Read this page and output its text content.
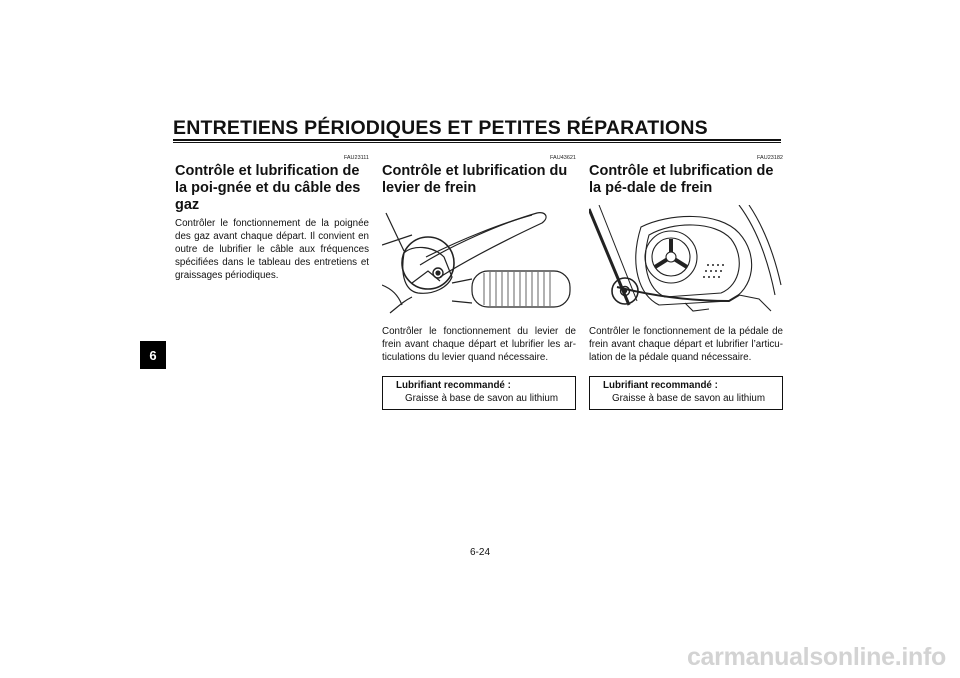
ENTRETIENS PÉRIODIQUES ET PETITES RÉPARATIONS
6
FAU23111
Contrôle et lubrification de la poi-gnée et du câble des gaz
Contrôler le fonctionnement de la poignée des gaz avant chaque départ. Il convient en outre de lubrifier le câble aux fréquences spécifiées dans le tableau des entretiens et graissages périodiques.
FAU43621
Contrôle et lubrification du levier de frein
Contrôler le fonctionnement du levier de frein avant chaque départ et lubrifier les ar-ticulations du levier quand nécessaire.
Lubrifiant recommandé :
Graisse à base de savon au lithium
FAU23182
Contrôle et lubrification de la pé-dale de frein
Contrôler le fonctionnement de la pédale de frein avant chaque départ et lubrifier l’articu-lation de la pédale quand nécessaire.
Lubrifiant recommandé :
Graisse à base de savon au lithium
6-24
carmanualsonline.info
